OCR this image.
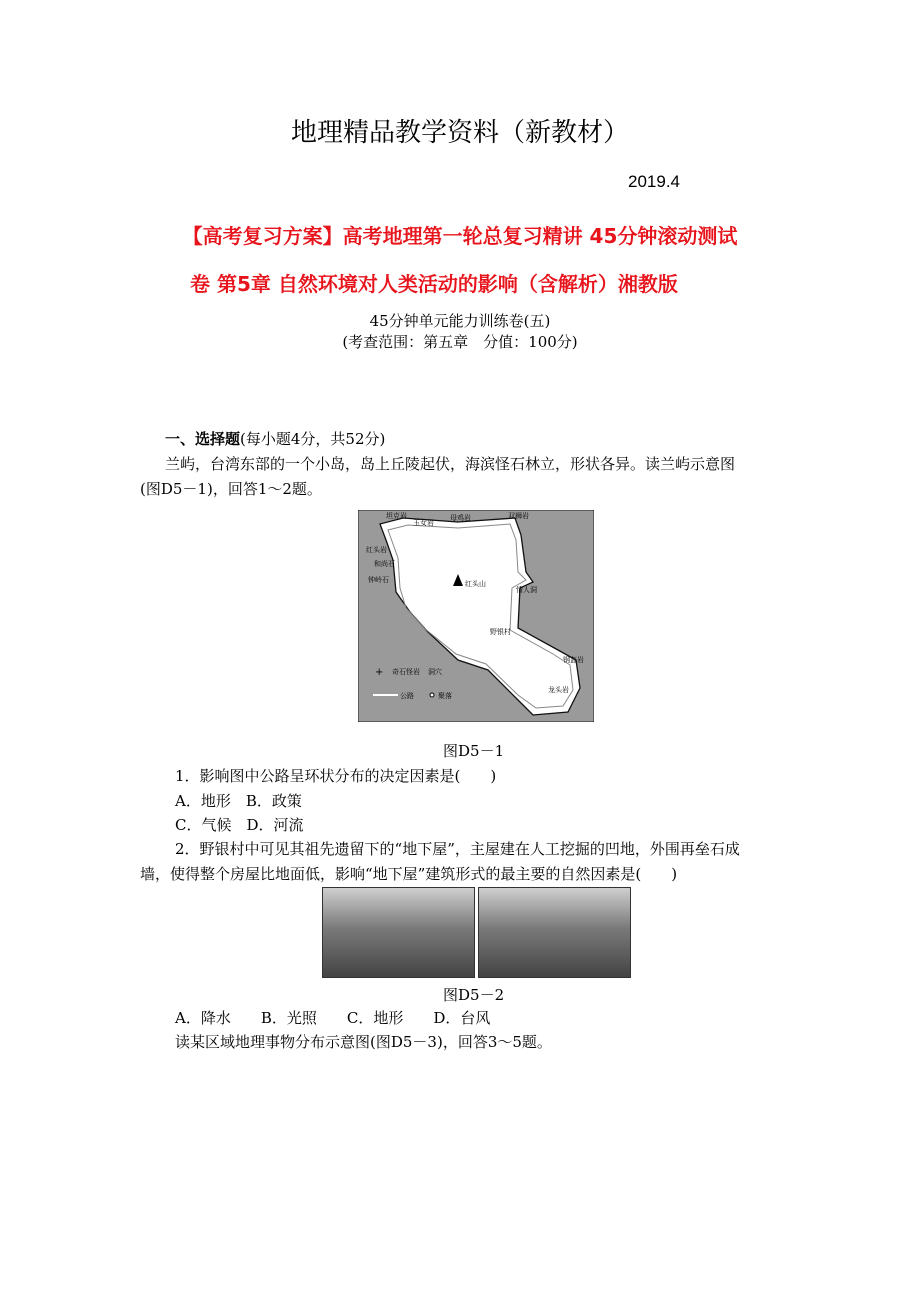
地理精品教学资料（新教材）
2019.4
【高考复习方案】高考地理第一轮总复习精讲 45分钟滚动测试
卷 第5章 自然环境对人类活动的影响（含解析）湘教版
45分钟单元能力训练卷(五)
(考查范围：第五章　分值：100分)
一、选择题(每小题4分，共52分)
兰屿，台湾东部的一个小岛，岛上丘陵起伏，海滨怪石林立，形状各异。读兰屿示意图
(图D5－1)，回答1～2题。
坦克岩
玉女岩
母鸡岩	双狮岩
红头岩
和尚石
钟岭石	红头山
情人洞
野银村
钢盔岩
龙头岩
+ 奇石怪岩 洞穴
公路	聚落
图D5－1
1．影响图中公路呈环状分布的决定因素是(　　)
A．地形　B．政策
C．气候　D．河流
2．野银村中可见其祖先遗留下的“地下屋”，主屋建在人工挖掘的凹地，外围再垒石成
墙，使得整个房屋比地面低，影响“地下屋”建筑形式的最主要的自然因素是(　　)
图D5－2
A．降水　　B．光照　　C．地形　　D．台风
读某区域地理事物分布示意图(图D5－3)，回答3～5题。
